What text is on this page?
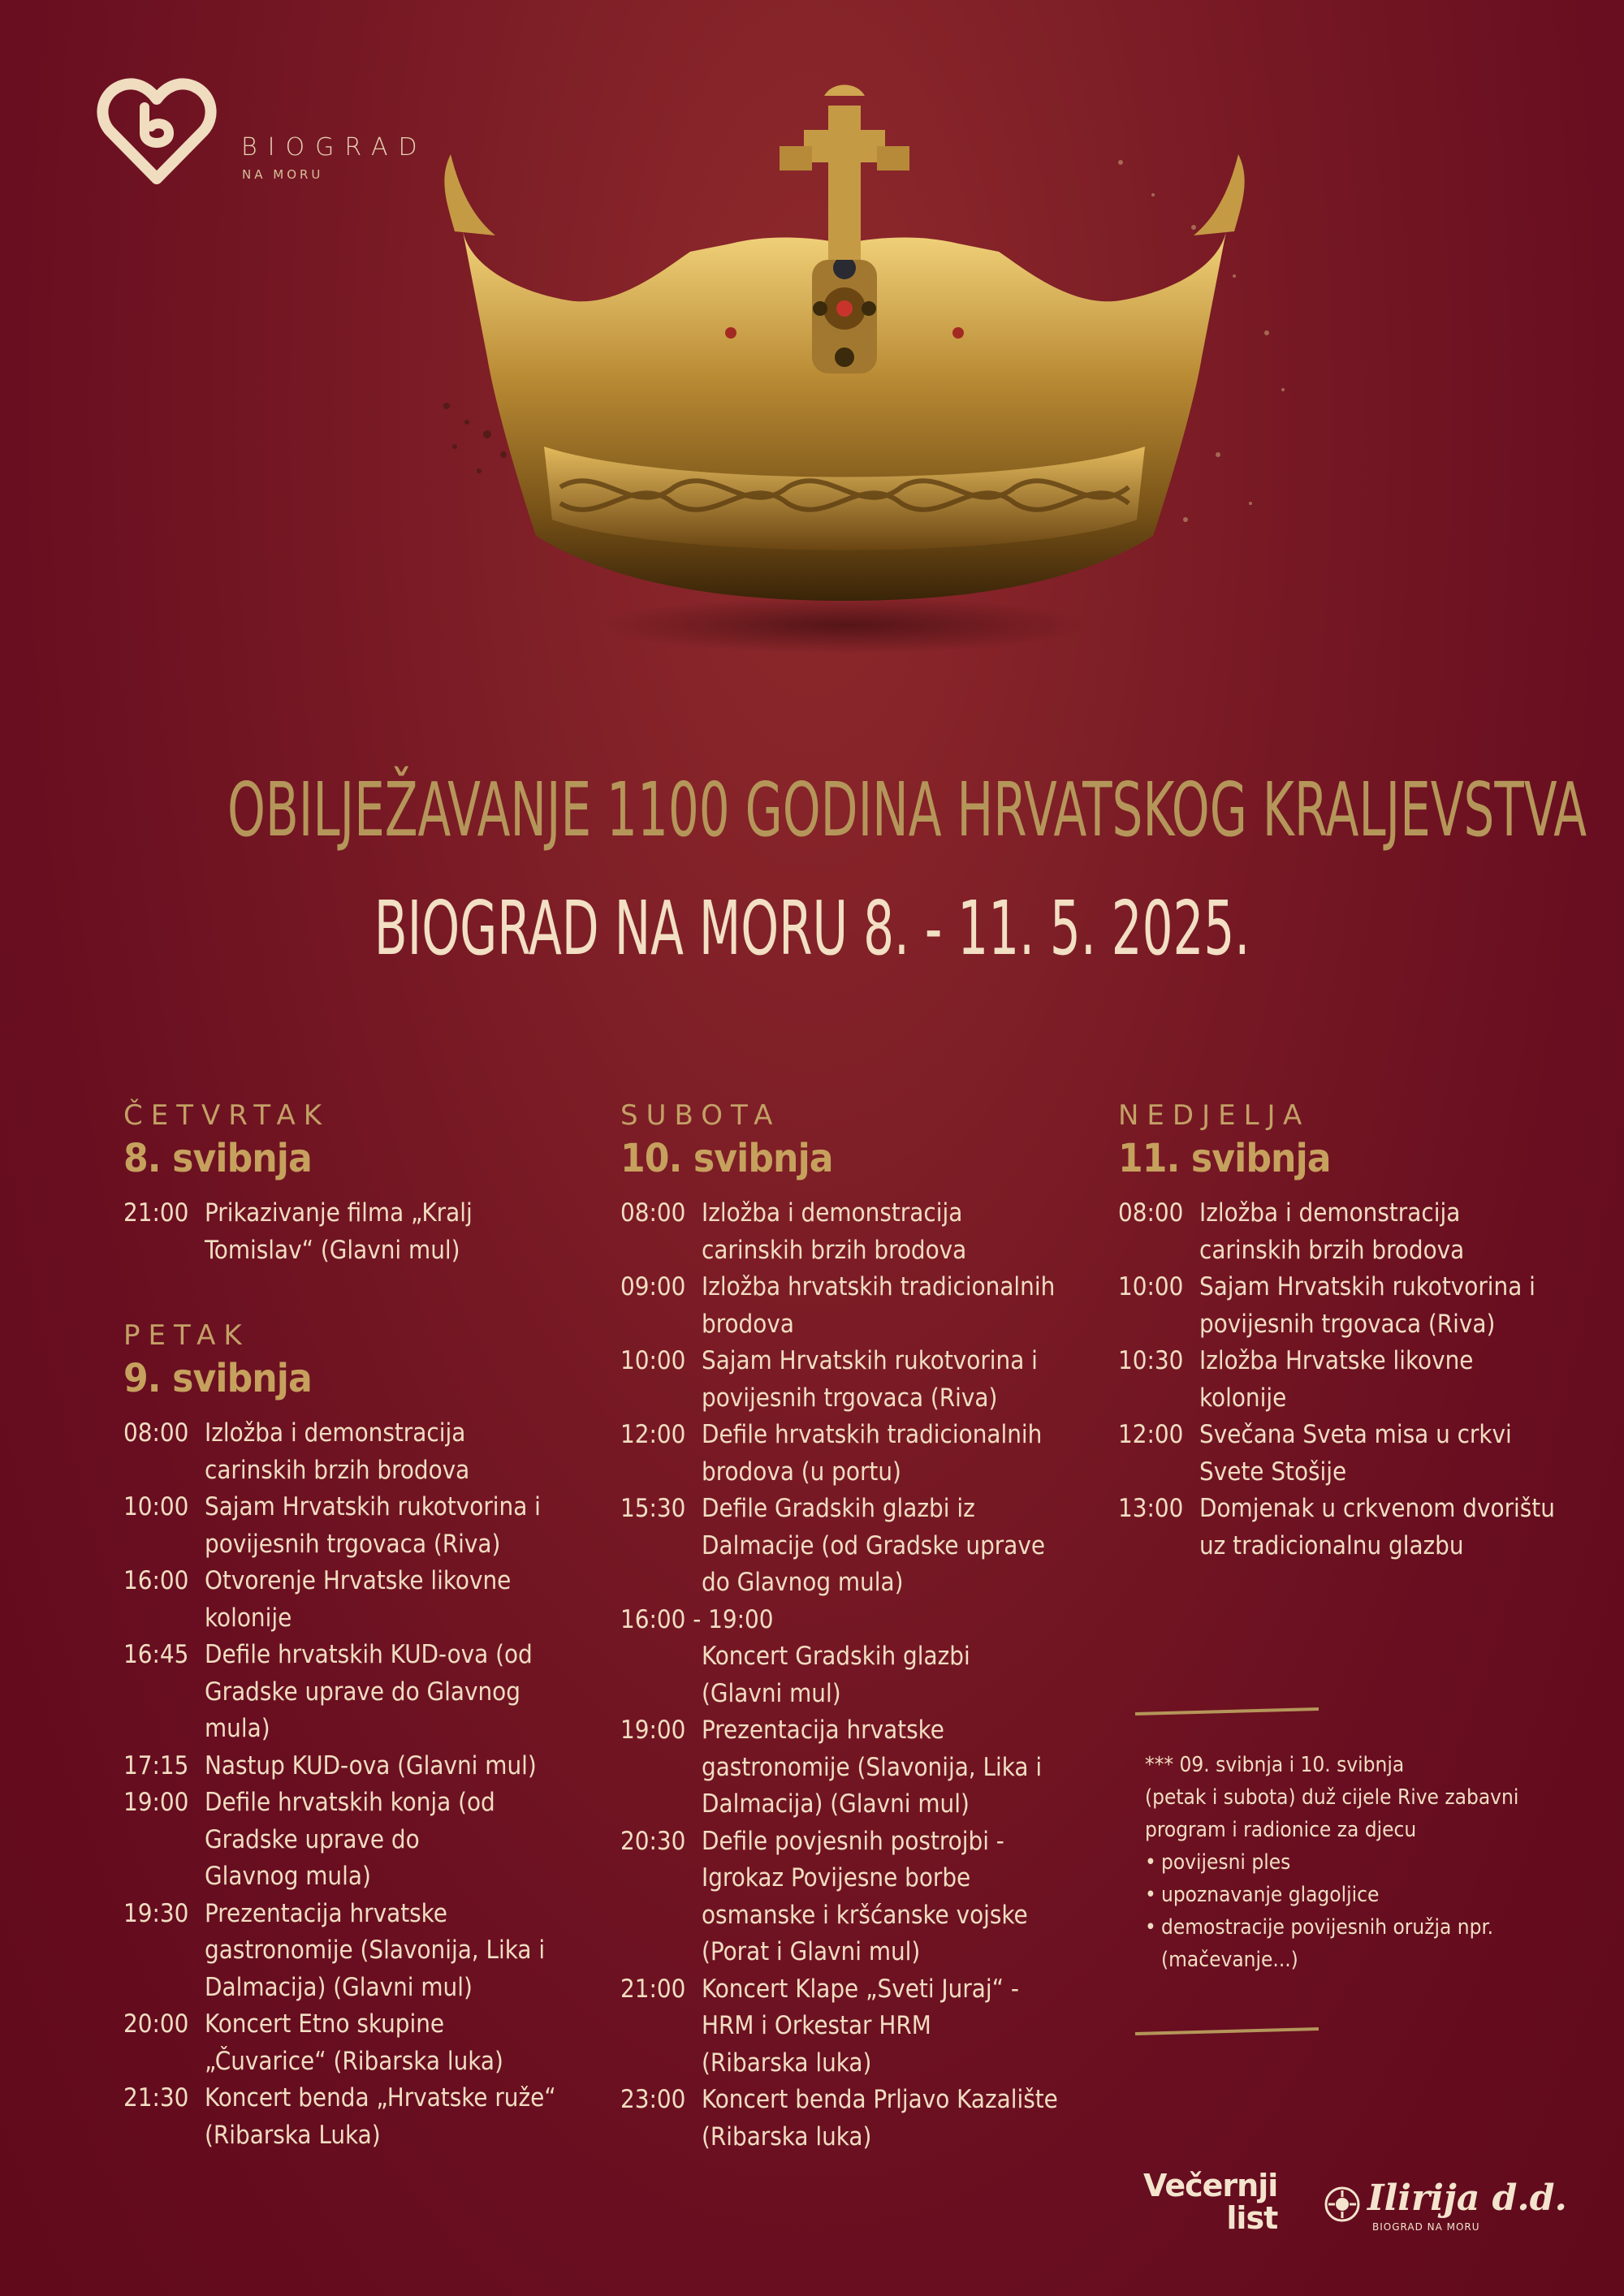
BIOGRAD
NA MORU
OBILJEŽAVANJE 1100 GODINA HRVATSKOG KRALJEVSTVA
BIOGRAD NA MORU 8. - 11. 5. 2025.

ČETVRTAK

8. svibnja

21:00 Prikazivanje filma „Kralj Tomislav“ (Glavni mul)

PETAK

9. svibnja

08:00 Izložba i demonstracija carinskih brzih brodova
10:00 Sajam Hrvatskih rukotvorina i povijesnih trgovaca (Riva)
16:00 Otvorenje Hrvatske likovne kolonije
16:45 Defile hrvatskih KUD-ova (od Gradske uprave do Glavnog mula)
17:15 Nastup KUD-ova (Glavni mul)
19:00 Defile hrvatskih konja (od Gradske uprave do Glavnog mula)
19:30 Prezentacija hrvatske gastronomije (Slavonija, Lika i Dalmacija) (Glavni mul)
20:00 Koncert Etno skupine „Čuvarice“ (Ribarska luka)
21:30 Koncert benda „Hrvatske ruže“ (Ribarska Luka)

SUBOTA

10. svibnja

08:00 Izložba i demonstracija carinskih brzih brodova
09:00 Izložba hrvatskih tradicionalnih brodova
10:00 Sajam Hrvatskih rukotvorina i povijesnih trgovaca (Riva)
12:00 Defile hrvatskih tradicionalnih brodova (u portu)
15:30 Defile Gradskih glazbi iz Dalmacije (od Gradske uprave do Glavnog mula)
16:00 - 19:00
Koncert Gradskih glazbi (Glavni mul)
19:00 Prezentacija hrvatske gastronomije (Slavonija, Lika i Dalmacija) (Glavni mul)
20:30 Defile povjesnih postrojbi - Igrokaz Povijesne borbe osmanske i kršćanske vojske (Porat i Glavni mul)
21:00 Koncert Klape „Sveti Juraj“ - HRM i Orkestar HRM (Ribarska luka)
23:00 Koncert benda Prljavo Kazalište (Ribarska luka)

NEDJELJA

11. svibnja

08:00 Izložba i demonstracija carinskih brzih brodova
10:00 Sajam Hrvatskih rukotvorina i povijesnih trgovaca (Riva)
10:30 Izložba Hrvatske likovne kolonije
12:00 Svečana Sveta misa u crkvi Svete Stošije
13:00 Domjenak u crkvenom dvorištu uz tradicionalnu glazbu
*** 09. svibnja i 10. svibnja
(petak i subota) duž cijele Rive zabavni
program i radionice za djecu
• povijesni ples
• upoznavanje glagoljice
• demostracije povijesnih oružja npr. (mačevanje...)
Večernji
list	Ilirija d.d.
BIOGRAD NA MORU
